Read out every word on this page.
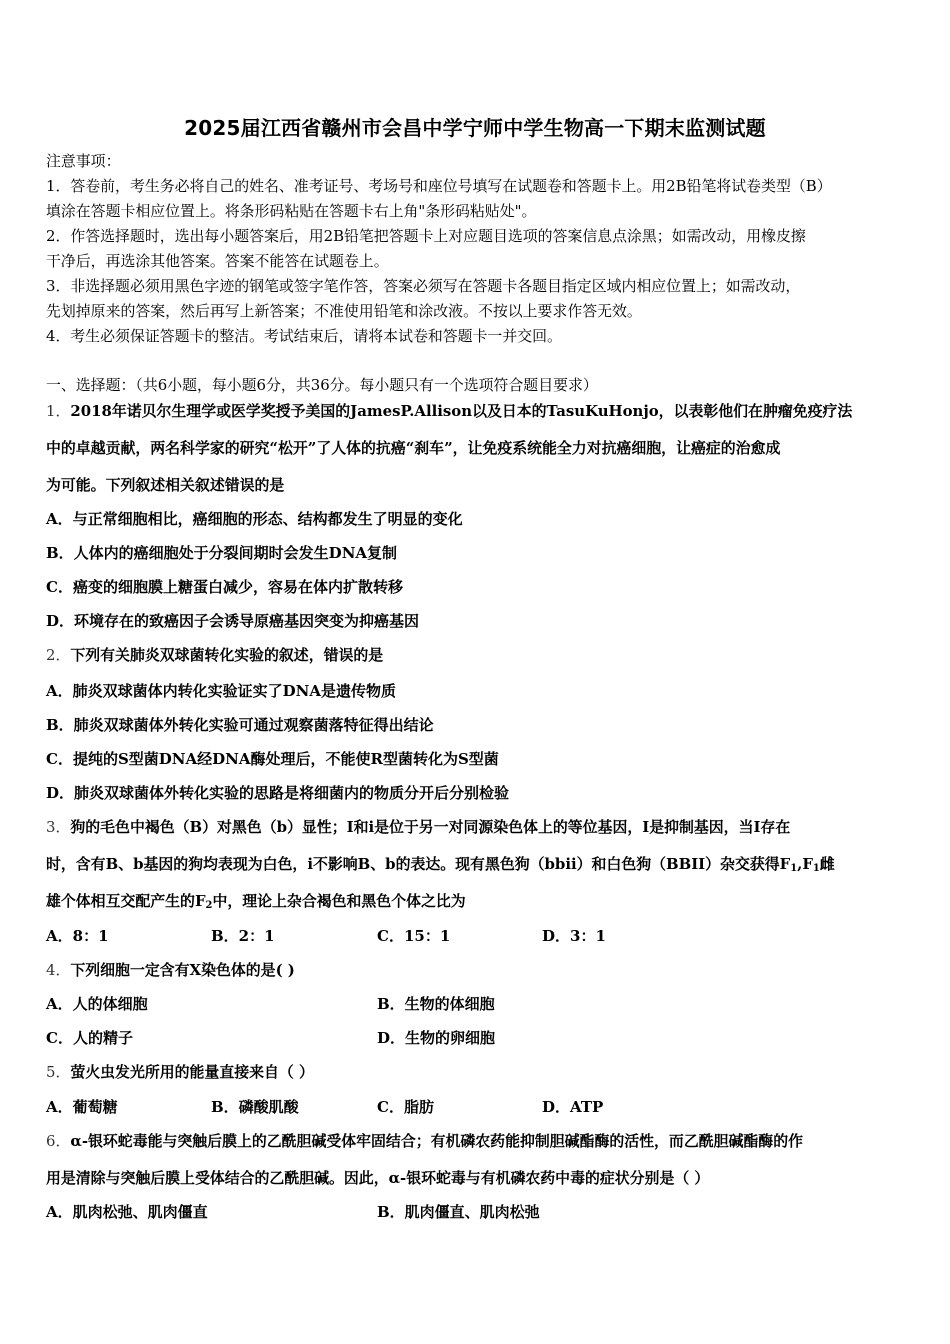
2025届江西省赣州市会昌中学宁师中学生物高一下期末监测试题
注意事项：
1．答卷前，考生务必将自己的姓名、准考证号、考场号和座位号填写在试题卷和答题卡上。用2B铅笔将试卷类型（B）
填涂在答题卡相应位置上。将条形码粘贴在答题卡右上角"条形码粘贴处"。
2．作答选择题时，选出每小题答案后，用2B铅笔把答题卡上对应题目选项的答案信息点涂黑；如需改动，用橡皮擦
干净后，再选涂其他答案。答案不能答在试题卷上。
3．非选择题必须用黑色字迹的钢笔或签字笔作答，答案必须写在答题卡各题目指定区域内相应位置上；如需改动，
先划掉原来的答案，然后再写上新答案；不准使用铅笔和涂改液。不按以上要求作答无效。
4．考生必须保证答题卡的整洁。考试结束后，请将本试卷和答题卡一并交回。
一、选择题：（共6小题，每小题6分，共36分。每小题只有一个选项符合题目要求）
1．2018年诺贝尔生理学或医学奖授予美国的JamesP.Allison以及日本的TasuKuHonjo，以表彰他们在肿瘤免疫疗法
中的卓越贡献，两名科学家的研究“松开”了人体的抗癌“刹车”，让免疫系统能全力对抗癌细胞，让癌症的治愈成
为可能。下列叙述相关叙述错误的是
A．与正常细胞相比，癌细胞的形态、结构都发生了明显的变化
B．人体内的癌细胞处于分裂间期时会发生DNA复制
C．癌变的细胞膜上糖蛋白减少，容易在体内扩散转移
D．环境存在的致癌因子会诱导原癌基因突变为抑癌基因
2．下列有关肺炎双球菌转化实验的叙述，错误的是
A．肺炎双球菌体内转化实验证实了DNA是遗传物质
B．肺炎双球菌体外转化实验可通过观察菌落特征得出结论
C．提纯的S型菌DNA经DNA酶处理后，不能使R型菌转化为S型菌
D．肺炎双球菌体外转化实验的思路是将细菌内的物质分开后分别检验
3．狗的毛色中褐色（B）对黑色（b）显性；I和i是位于另一对同源染色体上的等位基因，I是抑制基因，当I存在
时，含有B、b基因的狗均表现为白色，i不影响B、b的表达。现有黑色狗（bbii）和白色狗（BBII）杂交获得$F_1,F_1$雌
雄个体相互交配产生的$F_2$中，理论上杂合褐色和黑色个体之比为
A．8：1	B．2：1	C．15：1	D．3：1
4．下列细胞一定含有X染色体的是( )
A．人的体细胞	B．生物的体细胞
C．人的精子	D．生物的卵细胞
5．萤火虫发光所用的能量直接来自（ ）
A．葡萄糖	B．磷酸肌酸	C．脂肪	D．ATP
6．α-银环蛇毒能与突触后膜上的乙酰胆碱受体牢固结合；有机磷农药能抑制胆碱酯酶的活性，而乙酰胆碱酯酶的作
用是清除与突触后膜上受体结合的乙酰胆碱。因此，α-银环蛇毒与有机磷农药中毒的症状分别是（ ）
A．肌肉松弛、肌肉僵直	B．肌肉僵直、肌肉松弛
